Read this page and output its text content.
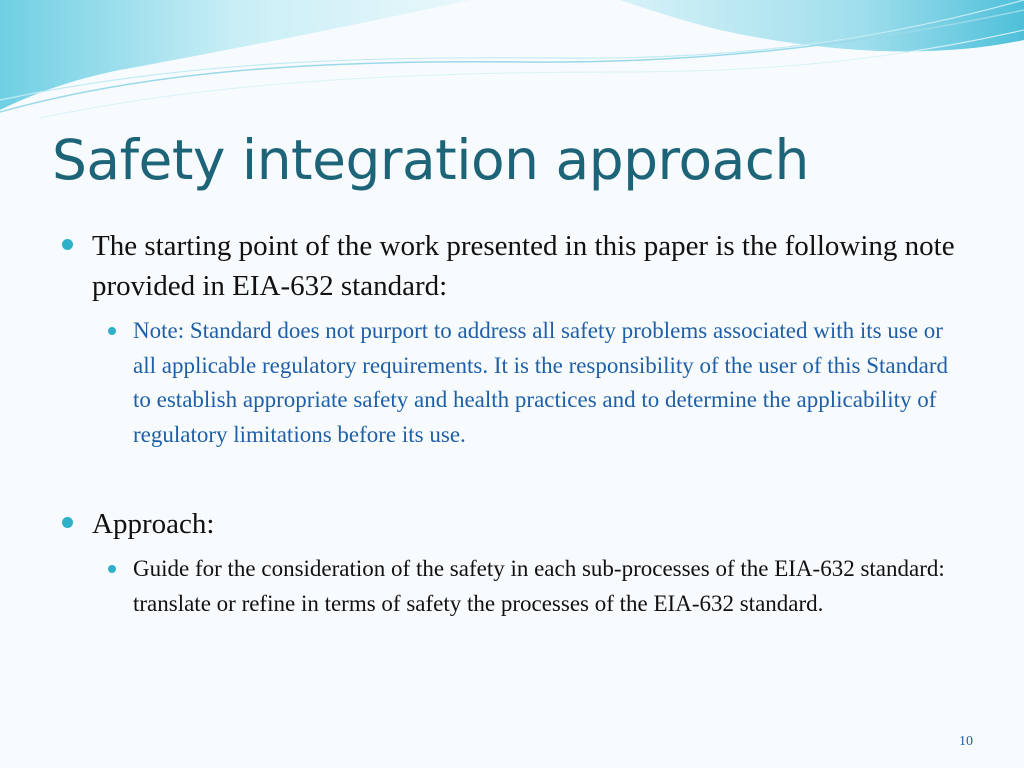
Safety integration approach
The starting point of the work presented in this paper is the following note provided in EIA-632 standard:
Note: Standard does not purport to address all safety problems associated with its use or all applicable regulatory requirements. It is the responsibility of the user of this Standard to establish appropriate safety and health practices and to determine the applicability of regulatory limitations before its use.
Approach:
Guide for the consideration of the safety in each sub-processes of the EIA-632 standard: translate or refine in terms of safety the processes of the EIA-632 standard.
10
